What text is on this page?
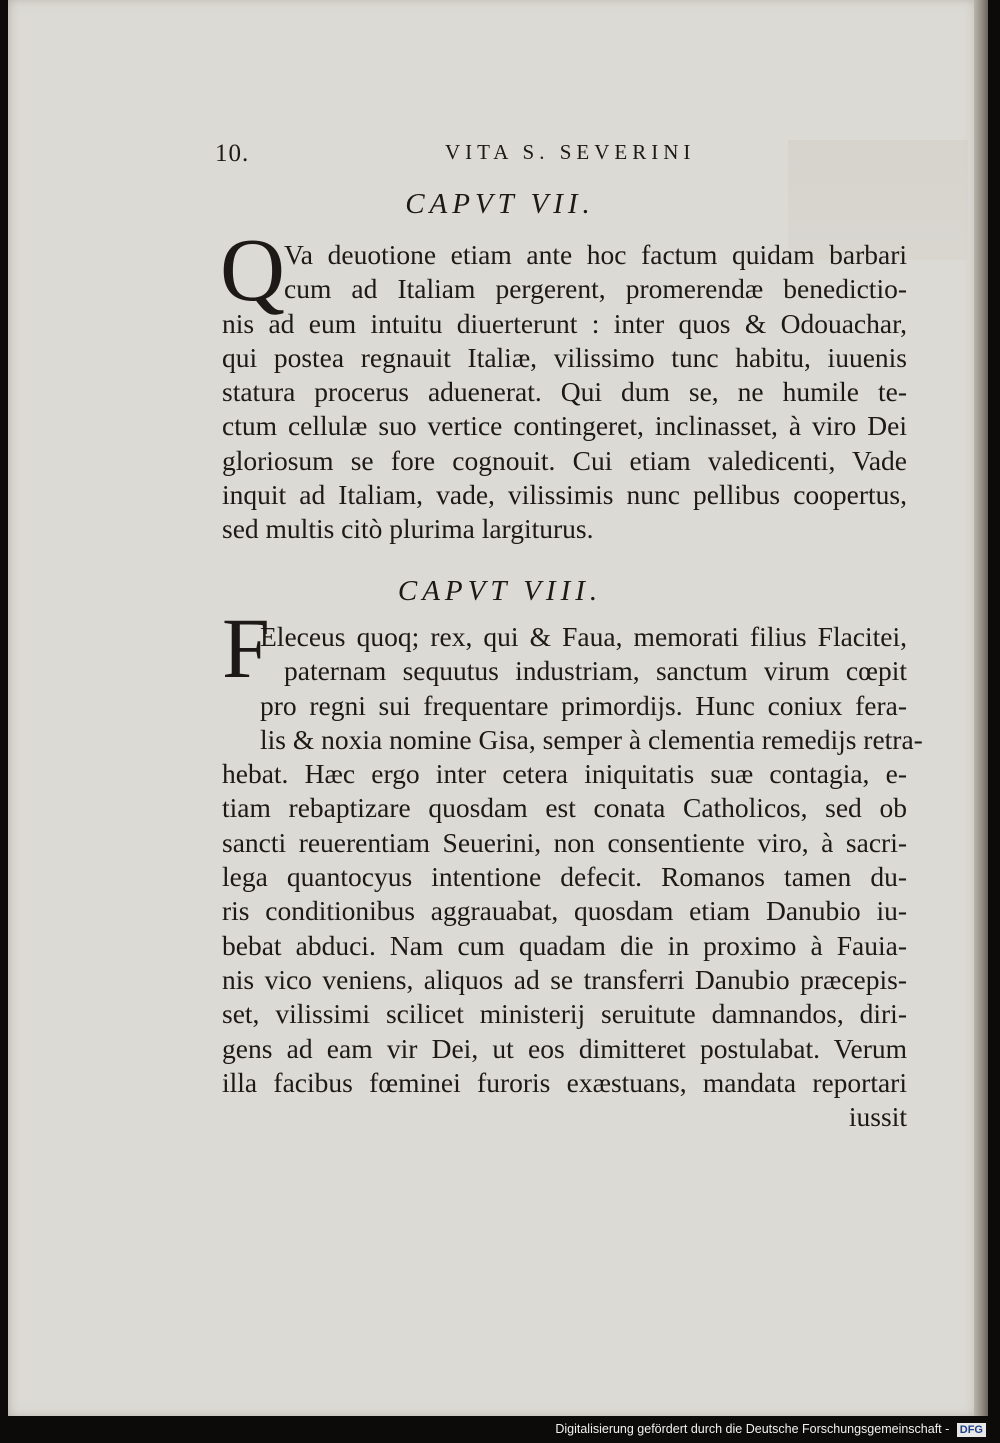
10.	VITA S. SEVERINI
CAPVT VII.
Q Va deuotione etiam ante hoc factum quidam barbari
cum ad Italiam pergerent, promerendæ benedictio-
nis ad eum intuitu diuerterunt : inter quos & Odouachar,
qui postea regnauit Italiæ, vilissimo tunc habitu, iuuenis
statura procerus aduenerat. Qui dum se, ne humile te-
ctum cellulæ suo vertice contingeret, inclinasset, à viro Dei
gloriosum se fore cognouit. Cui etiam valedicenti, Vade
inquit ad Italiam, vade, vilissimis nunc pellibus coopertus,
sed multis citò plurima largiturus.
CAPVT VIII.
F
Eleceus quoq; rex, qui & Faua, memorati filius Flacitei,
paternam sequutus industriam, sanctum virum cœpit
pro regni sui frequentare primordijs. Hunc coniux fera-
lis & noxia nomine Gisa, semper à clementia remedijs retra-
hebat. Hæc ergo inter cetera iniquitatis suæ contagia, e-
tiam rebaptizare quosdam est conata Catholicos, sed ob
sancti reuerentiam Seuerini, non consentiente viro, à sacri-
lega quantocyus intentione defecit. Romanos tamen du-
ris conditionibus aggrauabat, quosdam etiam Danubio iu-
bebat abduci. Nam cum quadam die in proximo à Fauia-
nis vico veniens, aliquos ad se transferri Danubio præcepis-
set, vilissimi scilicet ministerij seruitute damnandos, diri-
gens ad eam vir Dei, ut eos dimitteret postulabat. Verum
illa facibus fœminei furoris exæstuans, mandata reportari
iussit
Digitalisierung gefördert durch die Deutsche Forschungsgemeinschaft - DFG
